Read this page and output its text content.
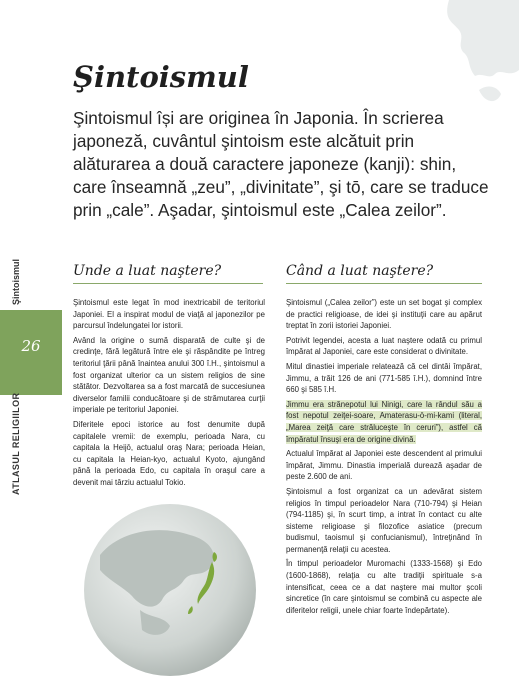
26
Şintoismul
ATLASUL RELIGIILOR
Şintoismul
Şintoismul își are originea în Japonia. În scrierea japoneză, cuvântul şintoism este alcătuit prin alăturarea a două caractere japoneze (kanji): shin, care înseamnă „zeu”, „divinitate”, şi tō, care se traduce prin „cale”. Aşadar, şintoismul este „Calea zeilor”.
Unde a luat naştere?	Când a luat naştere?

Şintoismul este legat în mod inextricabil de teritoriul Japoniei. El a inspirat modul de viaţă al japonezilor pe parcursul îndelungatei lor istorii.

Având la origine o sumă disparată de culte şi de credinţe, fără legătură între ele şi răspândite pe întreg teritoriul ţării până înaintea anului 300 î.H., şintoismul a fost organizat ulterior ca un sistem religios de sine stătător. Dezvoltarea sa a fost marcată de succesiunea diverselor familii conducătoare şi de strămutarea curţii imperiale pe teritoriul Japoniei.

Diferitele epoci istorice au fost denumite după capitalele vremii: de exemplu, perioada Nara, cu capitala la Heijō, actualul oraş Nara; perioada Heian, cu capitala la Heian-kyo, actualul Kyoto, ajungând până la perioada Edo, cu capitala în oraşul care a devenit mai târziu actualul Tokio.

Şintoismul („Calea zeilor”) este un set bogat şi complex de practici religioase, de idei şi instituţii care au apărut treptat în zorii istoriei Japoniei.

Potrivit legendei, acesta a luat naştere odată cu primul împărat al Japoniei, care este considerat o divinitate.

Mitul dinastiei imperiale relatează că cel dintâi împărat, Jimmu, a trăit 126 de ani (771-585 î.H.), domnind între 660 şi 585 î.H.

Jimmu era strănepotul lui Ninigi, care la rândul său a fost nepotul zeiţei-soare, Amaterasu-ō-mi-kami (literal, „Marea zeiţă care străluceşte în ceruri”), astfel că împăratul însuşi era de origine divină.

Actualul împărat al Japoniei este descendent al primului împărat, Jimmu. Dinastia imperială durează aşadar de peste 2.600 de ani.

Şintoismul a fost organizat ca un adevărat sistem religios în timpul perioadelor Nara (710-794) şi Heian (794-1185) şi, în scurt timp, a intrat în contact cu alte sisteme religioase şi filozofice asiatice (precum budismul, taoismul şi confucianismul), întreţinând în permanenţă relaţii cu acestea.

În timpul perioadelor Muromachi (1333-1568) şi Edo (1600-1868), relaţia cu alte tradiţii spirituale s-a intensificat, ceea ce a dat naştere mai multor şcoli sincretice (în care şintoismul se combină cu aspecte ale diferitelor religii, unele chiar foarte îndepărtate).
